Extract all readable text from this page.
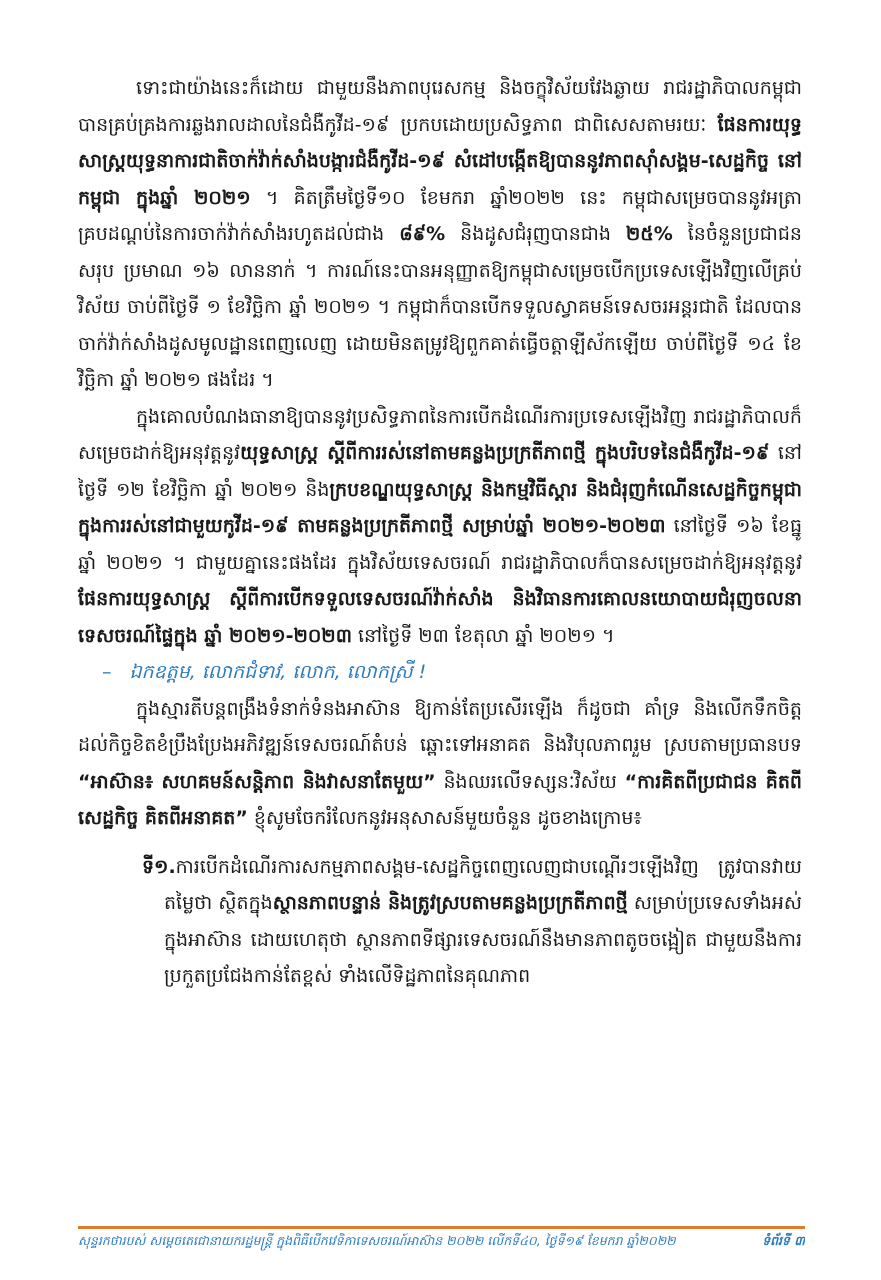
ទោះជាយ៉ាងនេះក៏ដោយ ជាមួយនឹងភាពបុរេសកម្ម និងចក្ខុវិស័យវែងឆ្ងាយ រាជរដ្ឋាភិបាលកម្ពុជាបានគ្រប់គ្រងការឆ្លងរាលដាលនៃជំងឺកូវីដ-១៩ ប្រកបដោយប្រសិទ្ធភាព ជាពិសេសតាមរយៈ ផែនការយុទ្ធសាស្ត្រយុទ្ធនាការជាតិចាក់វ៉ាក់សាំងបង្ការជំងឺកូវីដ-១៩ សំដៅបង្កើតឱ្យបាននូវភាពស៊ាំសង្គម-សេដ្ឋកិច្ច នៅកម្ពុជា ក្នុងឆ្នាំ ២០២១ ។ គិតត្រឹមថ្ងៃទី១០ ខែមករា ឆ្នាំ២០២២ នេះ កម្ពុជាសម្រេចបាននូវអត្រាគ្របដណ្តប់នៃការចាក់វ៉ាក់សាំងរហូតដល់ជាង ៨៩% និងដូសជំរុញបានជាង ២៥% នៃចំនួនប្រជាជនសរុប ប្រមាណ ១៦ លាននាក់ ។ ការណ៍នេះបានអនុញ្ញាតឱ្យកម្ពុជាសម្រេចបើកប្រទេសឡើងវិញលើគ្រប់វិស័យ ចាប់ពីថ្ងៃទី ១ ខែវិច្ឆិកា ឆ្នាំ ២០២១ ។ កម្ពុជាក៏បានបើកទទួលស្វាគមន៍ទេសចរអន្តរជាតិ ដែលបានចាក់វ៉ាក់សាំងដូសមូលដ្ឋានពេញលេញ ដោយមិនតម្រូវឱ្យពួកគាត់ធ្វើចត្តាឡីស័កឡើយ ចាប់ពីថ្ងៃទី ១៤ ខែ វិច្ឆិកា ឆ្នាំ ២០២១ ផងដែរ ។

ក្នុងគោលបំណងធានាឱ្យបាននូវប្រសិទ្ធភាពនៃការបើកដំណើរការប្រទេសឡើងវិញ រាជរដ្ឋាភិបាលក៏សម្រេចដាក់ឱ្យអនុវត្តនូវយុទ្ធសាស្ត្រ ស្តីពីការរស់នៅតាមគន្លងប្រក្រតីភាពថ្មី ក្នុងបរិបទនៃជំងឺកូវីដ-១៩ នៅថ្ងៃទី ១២ ខែវិច្ឆិកា ឆ្នាំ ២០២១ និងក្របខណ្ឌយុទ្ធសាស្ត្រ និងកម្មវិធីស្តារ និងជំរុញកំណើនសេដ្ឋកិច្ចកម្ពុជា ក្នុងការរស់នៅជាមួយកូវីដ-១៩ តាមគន្លងប្រក្រតីភាពថ្មី សម្រាប់ឆ្នាំ ២០២១-២០២៣ នៅថ្ងៃទី ១៦ ខែធ្នូ ឆ្នាំ ២០២១ ។ ជាមួយគ្នានេះផងដែរ ក្នុងវិស័យទេសចរណ៍ រាជរដ្ឋាភិបាលក៏បានសម្រេចដាក់ឱ្យអនុវត្តនូវផែនការយុទ្ធសាស្ត្រ ស្តីពីការបើកទទួលទេសចរណ៍វ៉ាក់សាំង និងវិធានការគោលនយោបាយជំរុញចលនាទេសចរណ៍ផ្ទៃក្នុង ឆ្នាំ ២០២១-២០២៣ នៅថ្ងៃទី ២៣ ខែតុលា ឆ្នាំ ២០២១ ។

– ឯកឧត្តម, លោកជំទាវ, លោក, លោកស្រី !

ក្នុងស្មារតីបន្តពង្រឹងទំនាក់ទំនងអាស៊ាន ឱ្យកាន់តែប្រសើរឡើង ក៏ដូចជា គាំទ្រ និងលើកទឹកចិត្តដល់កិច្ចខិតខំប្រឹងប្រែងអភិវឌ្ឍន៍ទេសចរណ៍តំបន់ ឆ្ពោះទៅអនាគត និងវិបុលភាពរួម ស្របតាមប្រធានបទ “អាស៊ាន៖ សហគមន៍សន្តិភាព និងវាសនាតែមួយ” និងឈរលើទស្សនៈវិស័យ “ការគិតពីប្រជាជន គិតពីសេដ្ឋកិច្ច គិតពីអនាគត” ខ្ញុំសូមចែករំលែកនូវអនុសាសន៍មួយចំនួន ដូចខាងក្រោម៖

ទី១.ការបើកដំណើរការសកម្មភាពសង្គម-សេដ្ឋកិច្ចពេញលេញជាបណ្តើរៗឡើងវិញ ត្រូវបានវាយតម្លៃថា ស្ថិតក្នុងស្ថានភាពបន្ទាន់ និងត្រូវស្របតាមគន្លងប្រក្រតីភាពថ្មី សម្រាប់ប្រទេសទាំងអស់ ក្នុងអាស៊ាន ដោយហេតុថា ស្ថានភាពទីផ្សារទេសចរណ៍នឹងមានភាពតូចចង្អៀត ជាមួយនឹងការប្រកួតប្រជែងកាន់តែខ្ពស់ ទាំងលើទិដ្ឋភាពនៃគុណភាព

សុន្ទរកថារបស់ សម្តេចតេជោនាយករដ្ឋមន្ត្រី ក្នុងពិធីបើកវេទិកាទេសចរណ៍អាស៊ាន ២០២២ លើកទី៤០, ថ្ងៃទី១៩ ខែមករា ឆ្នាំ២០២២	ទំព័រទី ៣
